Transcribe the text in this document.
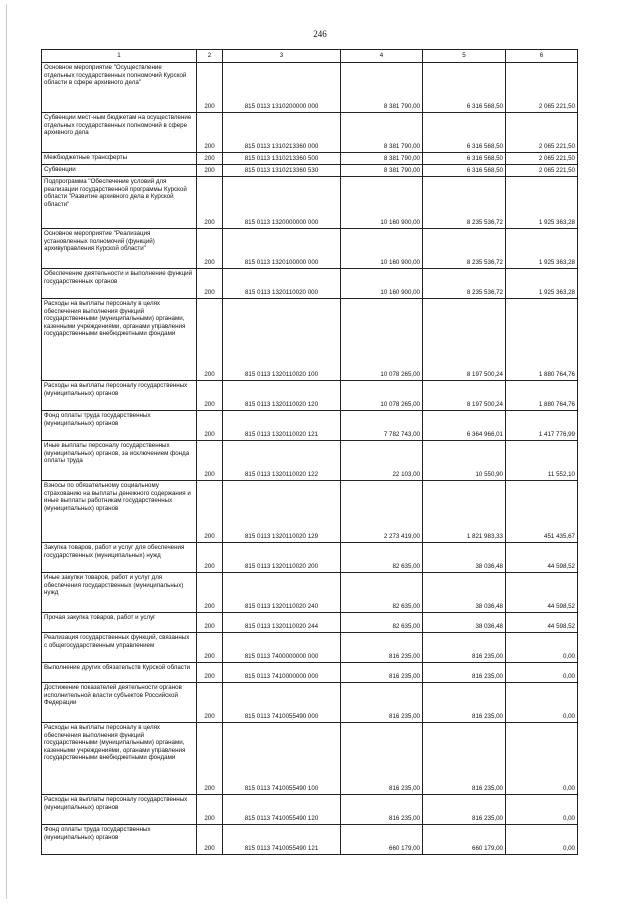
246
1	2	3	4	5	6
Основное мероприятие "Осуществление отдельных государственных полномочий Курской области в сфере архивного дела"	200	815 0113 1310200000 000	8 381 790,00	6 316 568,50	2 065 221,50
Субвенции мест-ным бюджетам на осуществление отдельных государственных полномочий в сфере архивного дела	200	815 0113 1310213360 000	8 381 790,00	6 316 568,50	2 065 221,50
Межбюджетные трансферты	200	815 0113 1310213360 500	8 381 790,00	6 316 568,50	2 065 221,50
Субвенции	200	815 0113 1310213360 530	8 381 790,00	6 316 568,50	2 065 221,50
Подпрограмма "Обеспечение условий для реализации государственной программы Курской области "Развитие архивного дела в Курской области"	200	815 0113 1320000000 000	10 160 900,00	8 235 536,72	1 925 363,28
Основное мероприятие "Реализация установленных полномочий (функций) архивуправления Курской области"	200	815 0113 1320100000 000	10 160 900,00	8 235 536,72	1 925 363,28
Обеспечение деятельности и выполнение функций государственных органов	200	815 0113 1320110020 000	10 160 900,00	8 235 536,72	1 925 363,28
Расходы на выплаты персоналу в целях обеспечения выполнения функций государственными (муниципальными) органами, казенными учреждениями, органами управления государственными внебюджетными фондами	200	815 0113 1320110020 100	10 078 265,00	8 197 500,24	1 880 764,76
Расходы на выплаты персоналу государственных (муниципальных) органов	200	815 0113 1320110020 120	10 078 265,00	8 197 500,24	1 880 764,76
Фонд оплаты труда государственных (муниципальных) органов	200	815 0113 1320110020 121	7 782 743,00	6 364 966,01	1 417 776,99
Иные выплаты персоналу государственных (муниципальных) органов, за исключением фонда оплаты труда	200	815 0113 1320110020 122	22 103,00	10 550,90	11 552,10
Взносы по обязательному социальному страхованию на выплаты денежного содержания и иные выплаты работникам государственных (муниципальных) органов	200	815 0113 1320110020 129	2 273 419,00	1 821 983,33	451 435,67
Закупка товаров, работ и услуг для обеспечения государственных (муниципальных) нужд	200	815 0113 1320110020 200	82 635,00	38 036,48	44 598,52
Иные закупки товаров, работ и услуг для обеспечения государственных (муниципальных) нужд	200	815 0113 1320110020 240	82 635,00	38 036,48	44 598,52
Прочая закупка товаров, работ и услуг	200	815 0113 1320110020 244	82 635,00	38 036,48	44 598,52
Реализация государственных функций, связанных с общегосударственным управлением	200	815 0113 7400000000 000	816 235,00	816 235,00	0,00
Выполнение других обязательств Курской области	200	815 0113 7410000000 000	816 235,00	816 235,00	0,00
Достижение показателей деятельности органов исполнительной власти субъектов Российской Федерации	200	815 0113 7410055490 000	816 235,00	816 235,00	0,00
Расходы на выплаты персоналу в целях обеспечения выполнения функций государственными (муниципальными) органами, казенными учреждениями, органами управления государственными внебюджетными фондами	200	815 0113 7410055490 100	816 235,00	816 235,00	0,00
Расходы на выплаты персоналу государственных (муниципальных) органов	200	815 0113 7410055490 120	816 235,00	816 235,00	0,00
Фонд оплаты труда государственных (муниципальных) органов	200	815 0113 7410055490 121	660 179,00	660 179,00	0,00
